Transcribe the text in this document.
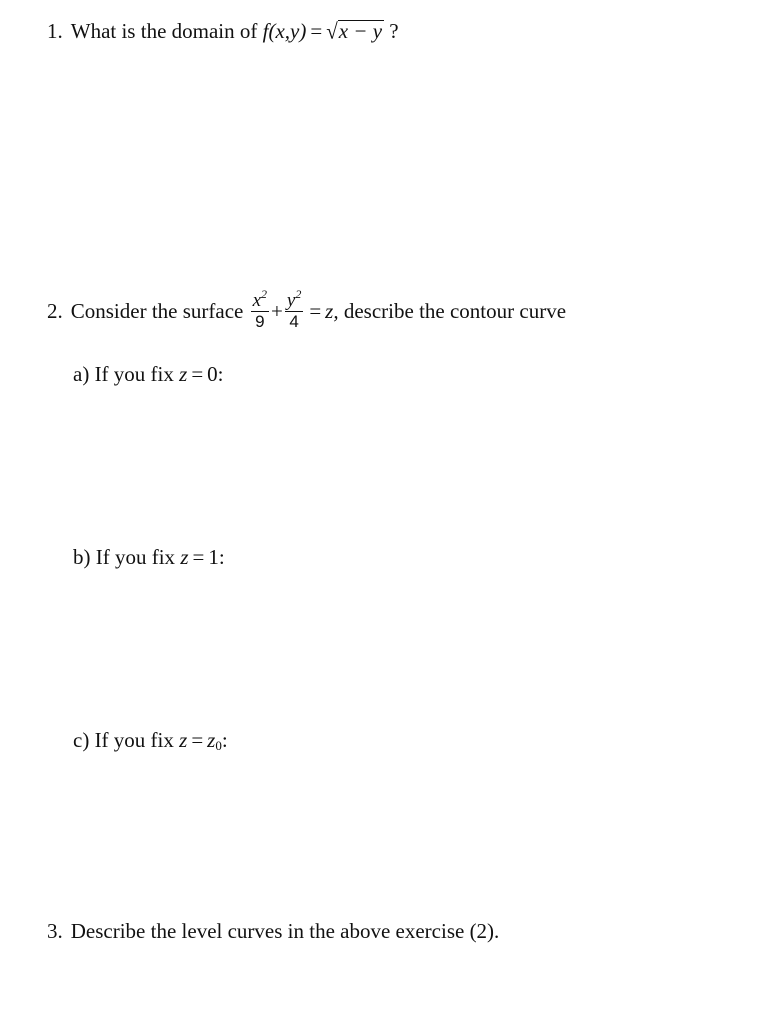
1. What is the domain of f(x,y) = √x − y ?
2. Consider the surface $\frac{x^2}{9} + \frac{y^2}{4} = z$, describe the contour curve
a) If you fix z = 0:
b) If you fix z = 1:
c) If you fix $z = z_0$:
3. Describe the level curves in the above exercise (2).
